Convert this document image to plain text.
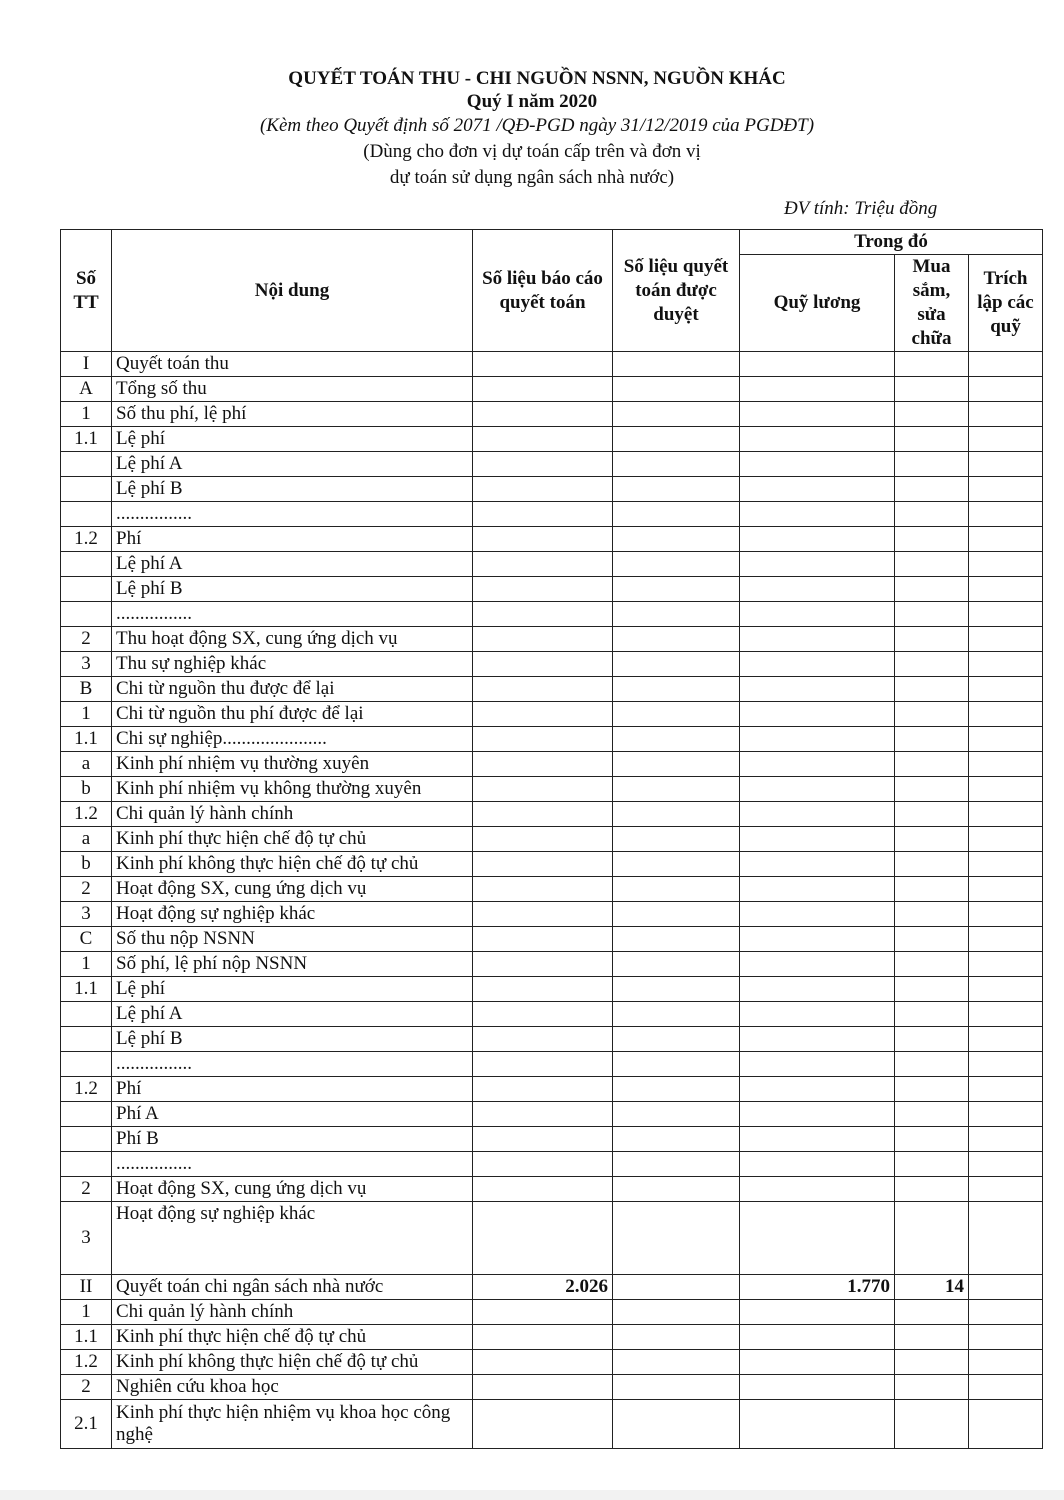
QUYẾT TOÁN THU - CHI NGUỒN NSNN, NGUỒN KHÁC
Quý I năm 2020
(Kèm theo Quyết định số 2071 /QĐ-PGD ngày 31/12/2019 của PGDĐT)
(Dùng cho đơn vị dự toán cấp trên và đơn vị
dự toán sử dụng ngân sách nhà nước)
ĐV tính: Triệu đồng
Số TT	Nội dung	Số liệu báo cáo quyết toán	Số liệu quyết toán được duyệt	Trong đó		
				Quỹ lương	Mua sắm, sửa chữa	Trích lập các quỹ
I	Quyết toán thu					
A	Tổng số thu					
1	Số thu phí, lệ phí					
1.1	Lệ phí					
	Lệ phí A					
	Lệ phí B					
	................					
1.2	Phí					
	Lệ phí A					
	Lệ phí B					
	................					
2	Thu hoạt động SX, cung ứng dịch vụ					
3	Thu sự nghiệp khác					
B	Chi từ nguồn thu được để lại					
1	Chi từ nguồn thu phí được để lại					
1.1	Chi sự nghiệp......................					
a	Kinh phí nhiệm vụ thường xuyên					
b	Kinh phí nhiệm vụ không thường xuyên					
1.2	Chi quản lý hành chính					
a	Kinh phí thực hiện chế độ tự chủ					
b	Kinh phí không thực hiện chế độ tự chủ					
2	Hoạt động SX, cung ứng dịch vụ					
3	Hoạt động sự nghiệp khác					
C	Số thu nộp NSNN					
1	Số phí, lệ phí nộp NSNN					
1.1	Lệ phí					
	Lệ phí A					
	Lệ phí B					
	................					
1.2	Phí					
	Phí A					
	Phí B					
	................					
2	Hoạt động SX, cung ứng dịch vụ					
3	Hoạt động sự nghiệp khác					
II	Quyết toán chi ngân sách nhà nước	2.026		1.770	14	
1	Chi quản lý hành chính					
1.1	Kinh phí thực hiện chế độ tự chủ					
1.2	Kinh phí không thực hiện chế độ tự chủ					
2	Nghiên cứu khoa học					
2.1	Kinh phí thực hiện nhiệm vụ khoa học công nghệ					
